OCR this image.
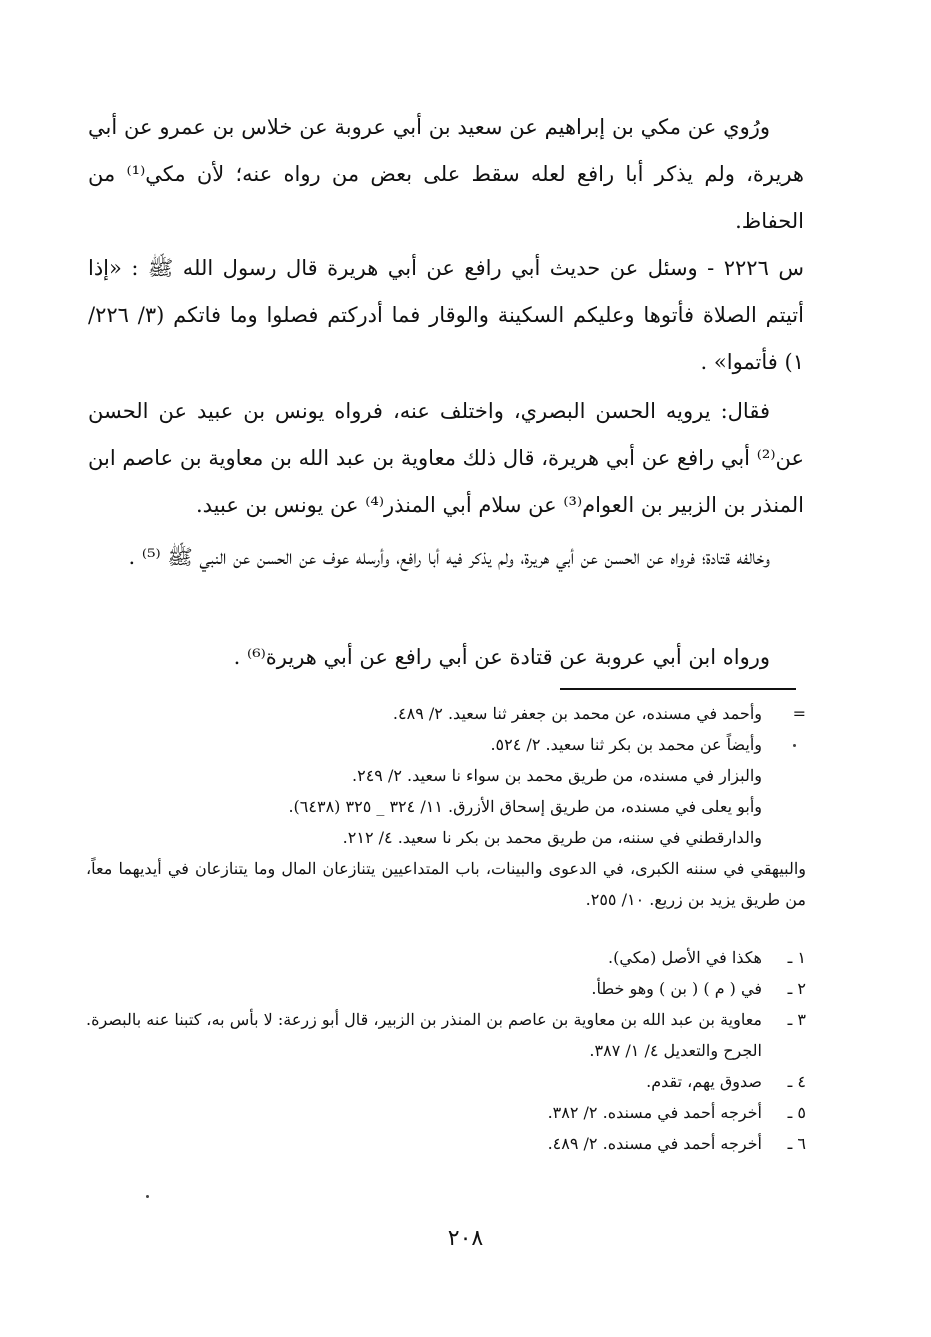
ورُوي عن مكي بن إبراهيم عن سعيد بن أبي عروبة عن خلاس بن عمرو عن أبي هريرة، ولم يذكر أبا رافع لعله سقط على بعض من رواه عنه؛ لأن مكي⁽¹⁾ من الحفاظ.

س ٢٢٢٦ - وسئل عن حديث أبي رافع عن أبي هريرة قال رسول الله ﷺ : «إذا أتيتم الصلاة فأتوها وعليكم السكينة والوقار فما أدركتم فصلوا وما فاتكم (٣/ ٢٢٦/ ١) فأتموا» .

فقال: يرويه الحسن البصري، واختلف عنه، فرواه يونس بن عبيد عن الحسن عن⁽²⁾ أبي رافع عن أبي هريرة، قال ذلك معاوية بن عبد الله بن معاوية بن عاصم ابن المنذر بن الزبير بن العوام⁽³⁾ عن سلام أبي المنذر⁽⁴⁾ عن يونس بن عبيد.

وخالفه قتادة؛ فرواه عن الحسن عن أبي هريرة، ولم يذكر فيه أبا رافع، وأرسله عوف عن الحسن عن النبي ﷺ ⁽⁵⁾ .

ورواه ابن أبي عروبة عن قتادة عن أبي رافع عن أبي هريرة⁽⁶⁾ .

=
وأحمد في مسنده، عن محمد بن جعفر ثنا سعيد. ٢/ ٤٨٩.
وأيضاً عن محمد بن بكر ثنا سعيد. ٢/ ٥٢٤.
والبزار في مسنده، من طريق محمد بن سواء نا سعيد. ٢/ ٢٤٩.
وأبو يعلى في مسنده، من طريق إسحاق الأزرق. ١١/ ٣٢٤ _ ٣٢٥ (٦٤٣٨).
والدارقطني في سننه، من طريق محمد بن بكر نا سعيد. ٤/ ٢١٢.
والبيهقي في سننه الكبرى، في الدعوى والبينات، باب المتداعيين يتنازعان المال وما يتنازعان في أيديهما معاً، من طريق يزيد بن زريع. ١٠/ ٢٥٥.
١ ـ
هكذا في الأصل (مكي).
٢ ـ
في ( م ) ( بن ) وهو خطأ.
٣ ـ
معاوية بن عبد الله بن معاوية بن عاصم بن المنذر بن الزبير، قال أبو زرعة: لا بأس به، كتبنا عنه بالبصرة. الجرح والتعديل ٤/ ١/ ٣٨٧.
٤ ـ
صدوق يهم، تقدم.
٥ ـ
أخرجه أحمد في مسنده. ٢/ ٣٨٢.
٦ ـ
أخرجه أحمد في مسنده. ٢/ ٤٨٩.
٢٠٨
